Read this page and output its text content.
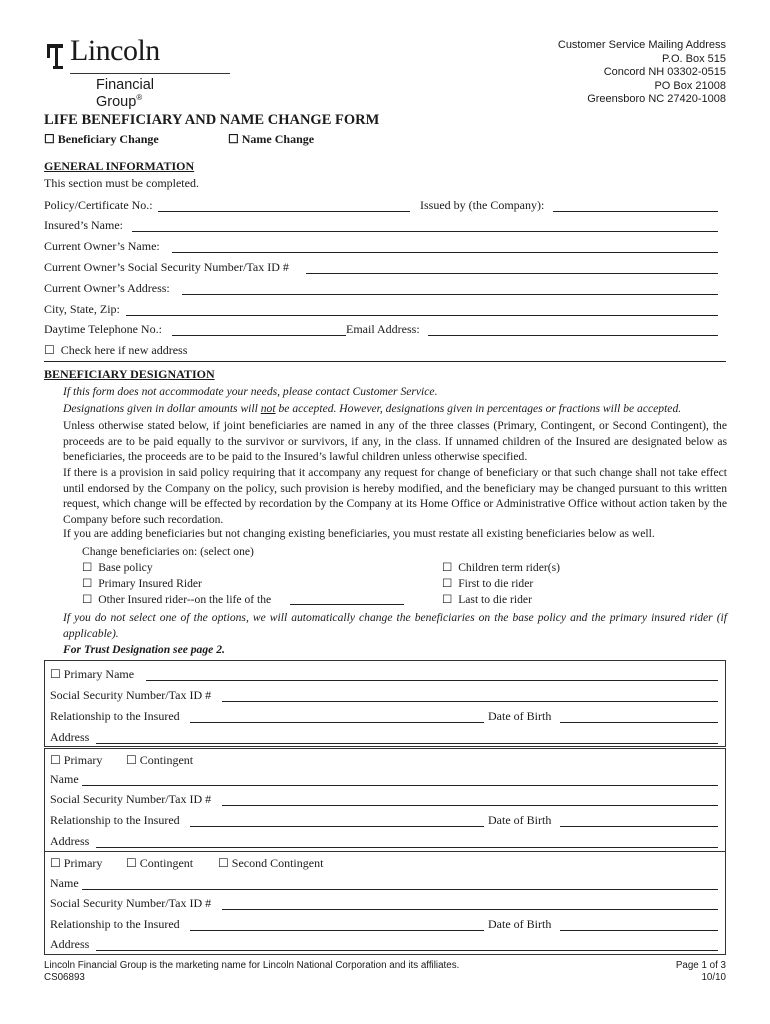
Lincoln
Financial Group®
Customer Service Mailing Address
P.O. Box 515
Concord NH 03302-0515
PO Box 21008
Greensboro NC 27420-1008
LIFE BENEFICIARY AND NAME CHANGE FORM
☐ Beneficiary Change ☐	Name Change
GENERAL INFORMATION
This section must be completed.
Policy/Certificate No.:	Issued by (the Company):
Insured’s Name:
Current Owner’s Name:
Current Owner’s Social Security Number/Tax ID #
Current Owner’s Address:
City, State, Zip:
Daytime Telephone No.:	Email Address:
☐   Check here if new address
BENEFICIARY DESIGNATION
If this form does not accommodate your needs, please contact Customer Service.
Designations given in dollar amounts will not be accepted. However, designations given in percentages or fractions will be accepted.
Unless otherwise stated below, if joint beneficiaries are named in any of the three classes (Primary, Contingent, or Second Contingent), the proceeds are to be paid equally to the survivor or survivors, if any, in the class. If unnamed children of the Insured are designated below as beneficiaries, the proceeds are to be paid to the Insured’s lawful children unless otherwise specified.
If there is a provision in said policy requiring that it accompany any request for change of beneficiary or that such change shall not take effect until endorsed by the Company on the policy, such provision is hereby modified, and the beneficiary may be changed pursuant to this written request, which change will be effected by recordation by the Company at its Home Office or Administrative Office without action taken by the Company before such recordation.
If you are adding beneficiaries but not changing existing beneficiaries, you must restate all existing beneficiaries below as well.
Change beneficiaries on: (select one)
☐   Base policy
☐   Primary Insured Rider
☐   Other Insured rider--on the life of the
☐   Children term rider(s)
☐   First to die rider
☐   Last to die rider
If you do not select one of the options, we will automatically change the beneficiaries on the base policy and the primary insured rider (if applicable).
For Trust Designation see page 2.
☐ Primary Name
Social Security Number/Tax ID #
Relationship to the Insured	Date of Birth
Address
☐ Primary ☐	Contingent
Name
Social Security Number/Tax ID #
Relationship to the Insured	Date of Birth
Address
☐ Primary ☐	Contingent ☐	Second Contingent
Name
Social Security Number/Tax ID #
Relationship to the Insured	Date of Birth
Address
Lincoln Financial Group is the marketing name for Lincoln National Corporation and its affiliates.
CS06893
Page 1 of 3
10/10
